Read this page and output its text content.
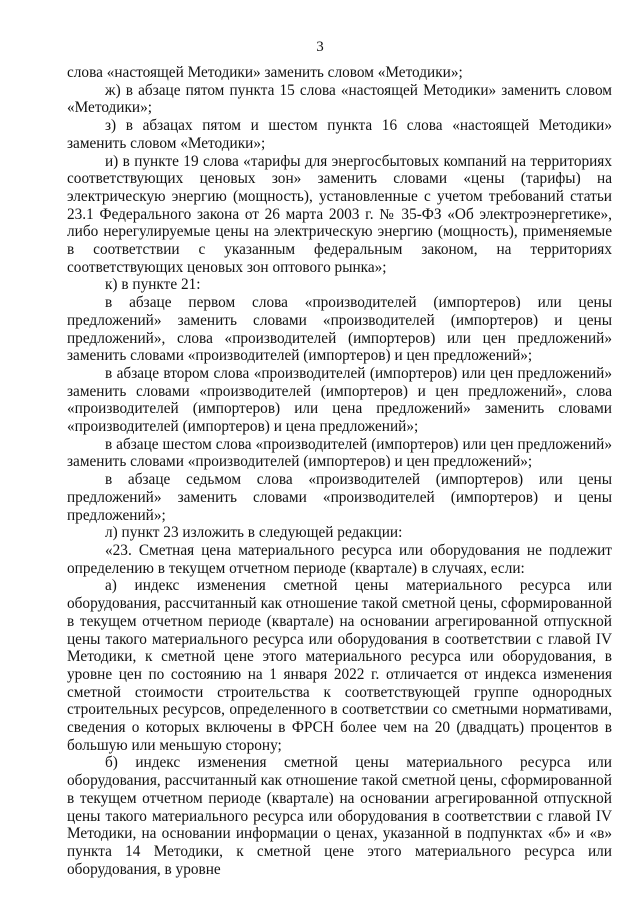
3

слова «настоящей Методики» заменить словом «Методики»;

ж) в абзаце пятом пункта 15 слова «настоящей Методики» заменить словом «Методики»;

з) в абзацах пятом и шестом пункта 16 слова «настоящей Методики» заменить словом «Методики»;

и) в пункте 19 слова «тарифы для энергосбытовых компаний на территориях соответствующих ценовых зон» заменить словами «цены (тарифы) на электрическую энергию (мощность), установленные с учетом требований статьи 23.1 Федерального закона от 26 марта 2003 г. № 35-ФЗ «Об электроэнергетике», либо нерегулируемые цены на электрическую энергию (мощность), применяемые в соответствии с указанным федеральным законом, на территориях соответствующих ценовых зон оптового рынка»;

к) в пункте 21:

в абзаце первом слова «производителей (импортеров) или цены предложений» заменить словами «производителей (импортеров) и цены предложений», слова «производителей (импортеров) или цен предложений» заменить словами «производителей (импортеров) и цен предложений»;

в абзаце втором слова «производителей (импортеров) или цен предложений» заменить словами «производителей (импортеров) и цен предложений», слова «производителей (импортеров) или цена предложений» заменить словами «производителей (импортеров) и цена предложений»;

в абзаце шестом слова «производителей (импортеров) или цен предложений» заменить словами «производителей (импортеров) и цен предложений»;

в абзаце седьмом слова «производителей (импортеров) или цены предложений» заменить словами «производителей (импортеров) и цены предложений»;

л) пункт 23 изложить в следующей редакции:

«23. Сметная цена материального ресурса или оборудования не подлежит определению в текущем отчетном периоде (квартале) в случаях, если:

а) индекс изменения сметной цены материального ресурса или оборудования, рассчитанный как отношение такой сметной цены, сформированной в текущем отчетном периоде (квартале) на основании агрегированной отпускной цены такого материального ресурса или оборудования в соответствии с главой IV Методики, к сметной цене этого материального ресурса или оборудования, в уровне цен по состоянию на 1 января 2022 г. отличается от индекса изменения сметной стоимости строительства к соответствующей группе однородных строительных ресурсов, определенного в соответствии со сметными нормативами, сведения о которых включены в ФРСН более чем на 20 (двадцать) процентов в большую или меньшую сторону;

б) индекс изменения сметной цены материального ресурса или оборудования, рассчитанный как отношение такой сметной цены, сформированной в текущем отчетном периоде (квартале) на основании агрегированной отпускной цены такого материального ресурса или оборудования в соответствии с главой IV Методики, на основании информации о ценах, указанной в подпунктах «б» и «в» пункта 14 Методики, к сметной цене этого материального ресурса или оборудования, в уровне
